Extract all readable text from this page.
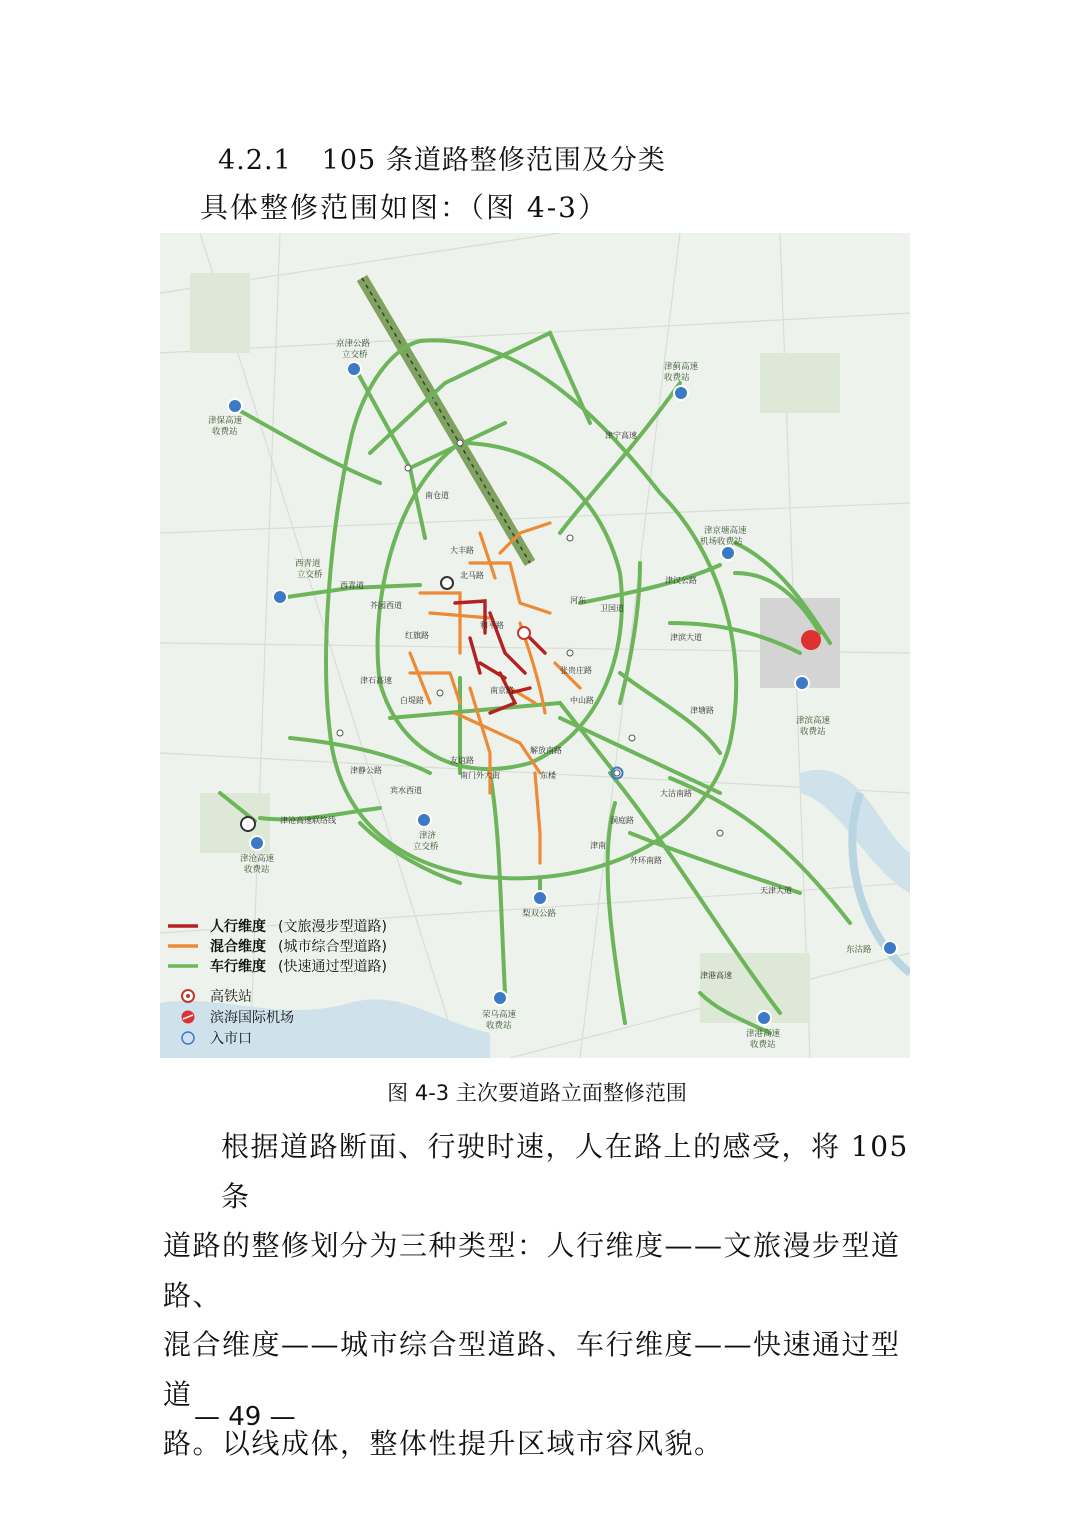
4.2.1 105 条道路整修范围及分类
具体整修范围如图：（图 4-3）
京津公路
立交桥
津蓟高速
收费站
津保高速
收费站
津京塘高速
机场收费站
西青道
立交桥
津滨高速
收费站
津沧高速
收费站
津济
立交桥
梨双公路
东沽路
荣乌高速
收费站
津港高速
收费站
津宁高速
津汉公路
卫国道
津滨大道
津塘路
大沽南路
天津大道
外环南路
津港高速
津沧高速联络线
西青道
芥园西道
南仓道
大丰路
河东
张贵庄路
友谊路
宾水西道
和平路
红旗路
南京路
解放南路
洞庭路
津石高速
中山路
津静公路
白堤路
南门外大街
北马路
东楼
津南
人行维度 (文旅漫步型道路)
混合维度 (城市综合型道路)
车行维度 (快速通过型道路)
高铁站
滨海国际机场
入市口
图 4-3 主次要道路立面整修范围
根据道路断面、行驶时速，人在路上的感受，将 105 条
道路的整修划分为三种类型：人行维度——文旅漫步型道路、
混合维度——城市综合型道路、车行维度——快速通过型道
路。以线成体，整体性提升区域市容风貌。
— 49 —
